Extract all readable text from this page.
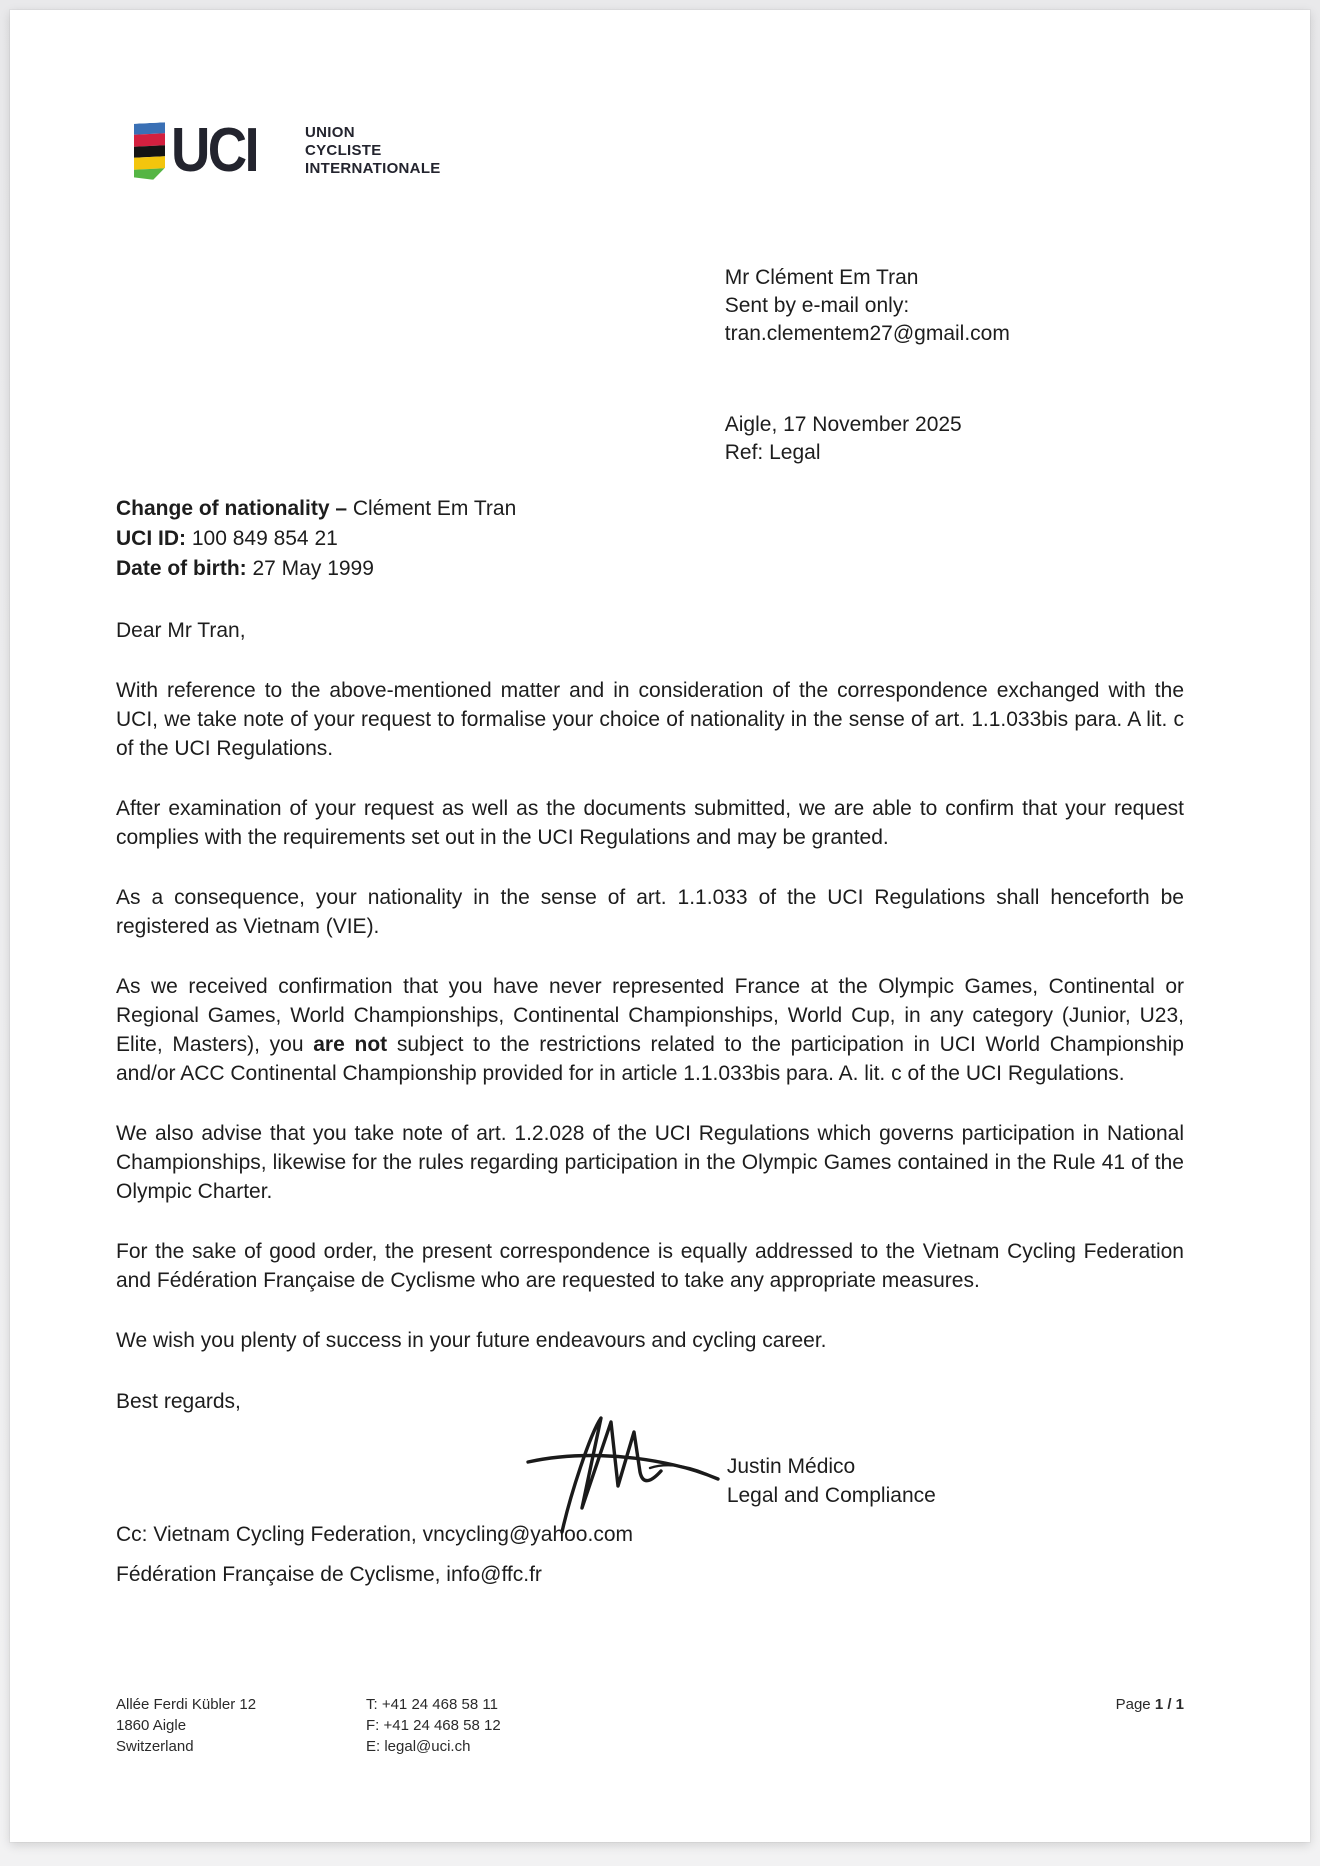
UCI	UNION
CYCLISTE
INTERNATIONALE
Mr Clément Em Tran
Sent by e-mail only:
tran.clementem27@gmail.com
Aigle, 17 November 2025
Ref: Legal
Change of nationality – Clément Em Tran
UCI ID: 100 849 854 21
Date of birth: 27 May 1999

Dear Mr Tran,

With reference to the above-mentioned matter and in consideration of the correspondence exchanged with the UCI, we take note of your request to formalise your choice of nationality in the sense of art. 1.1.033bis para. A lit. c of the UCI Regulations.

After examination of your request as well as the documents submitted, we are able to confirm that your request complies with the requirements set out in the UCI Regulations and may be granted.

As a consequence, your nationality in the sense of art. 1.1.033 of the UCI Regulations shall henceforth be registered as Vietnam (VIE).

As we received confirmation that you have never represented France at the Olympic Games, Continental or Regional Games, World Championships, Continental Championships, World Cup, in any category (Junior, U23, Elite, Masters), you are not subject to the restrictions related to the participation in UCI World Championship and/or ACC Continental Championship provided for in article 1.1.033bis para. A. lit. c of the UCI Regulations.

We also advise that you take note of art. 1.2.028 of the UCI Regulations which governs participation in National Championships, likewise for the rules regarding participation in the Olympic Games contained in the Rule 41 of the Olympic Charter.

For the sake of good order, the present correspondence is equally addressed to the Vietnam Cycling Federation and Fédération Française de Cyclisme who are requested to take any appropriate measures.

We wish you plenty of success in your future endeavours and cycling career.

Best regards,

Justin Médico
Legal and Compliance
Cc: Vietnam Cycling Federation, vncycling@yahoo.com
Fédération Française de Cyclisme, info@ffc.fr
Allée Ferdi Kübler 12
1860 Aigle
Switzerland
T: +41 24 468 58 11
F: +41 24 468 58 12
E: legal@uci.ch
Page 1 / 1
